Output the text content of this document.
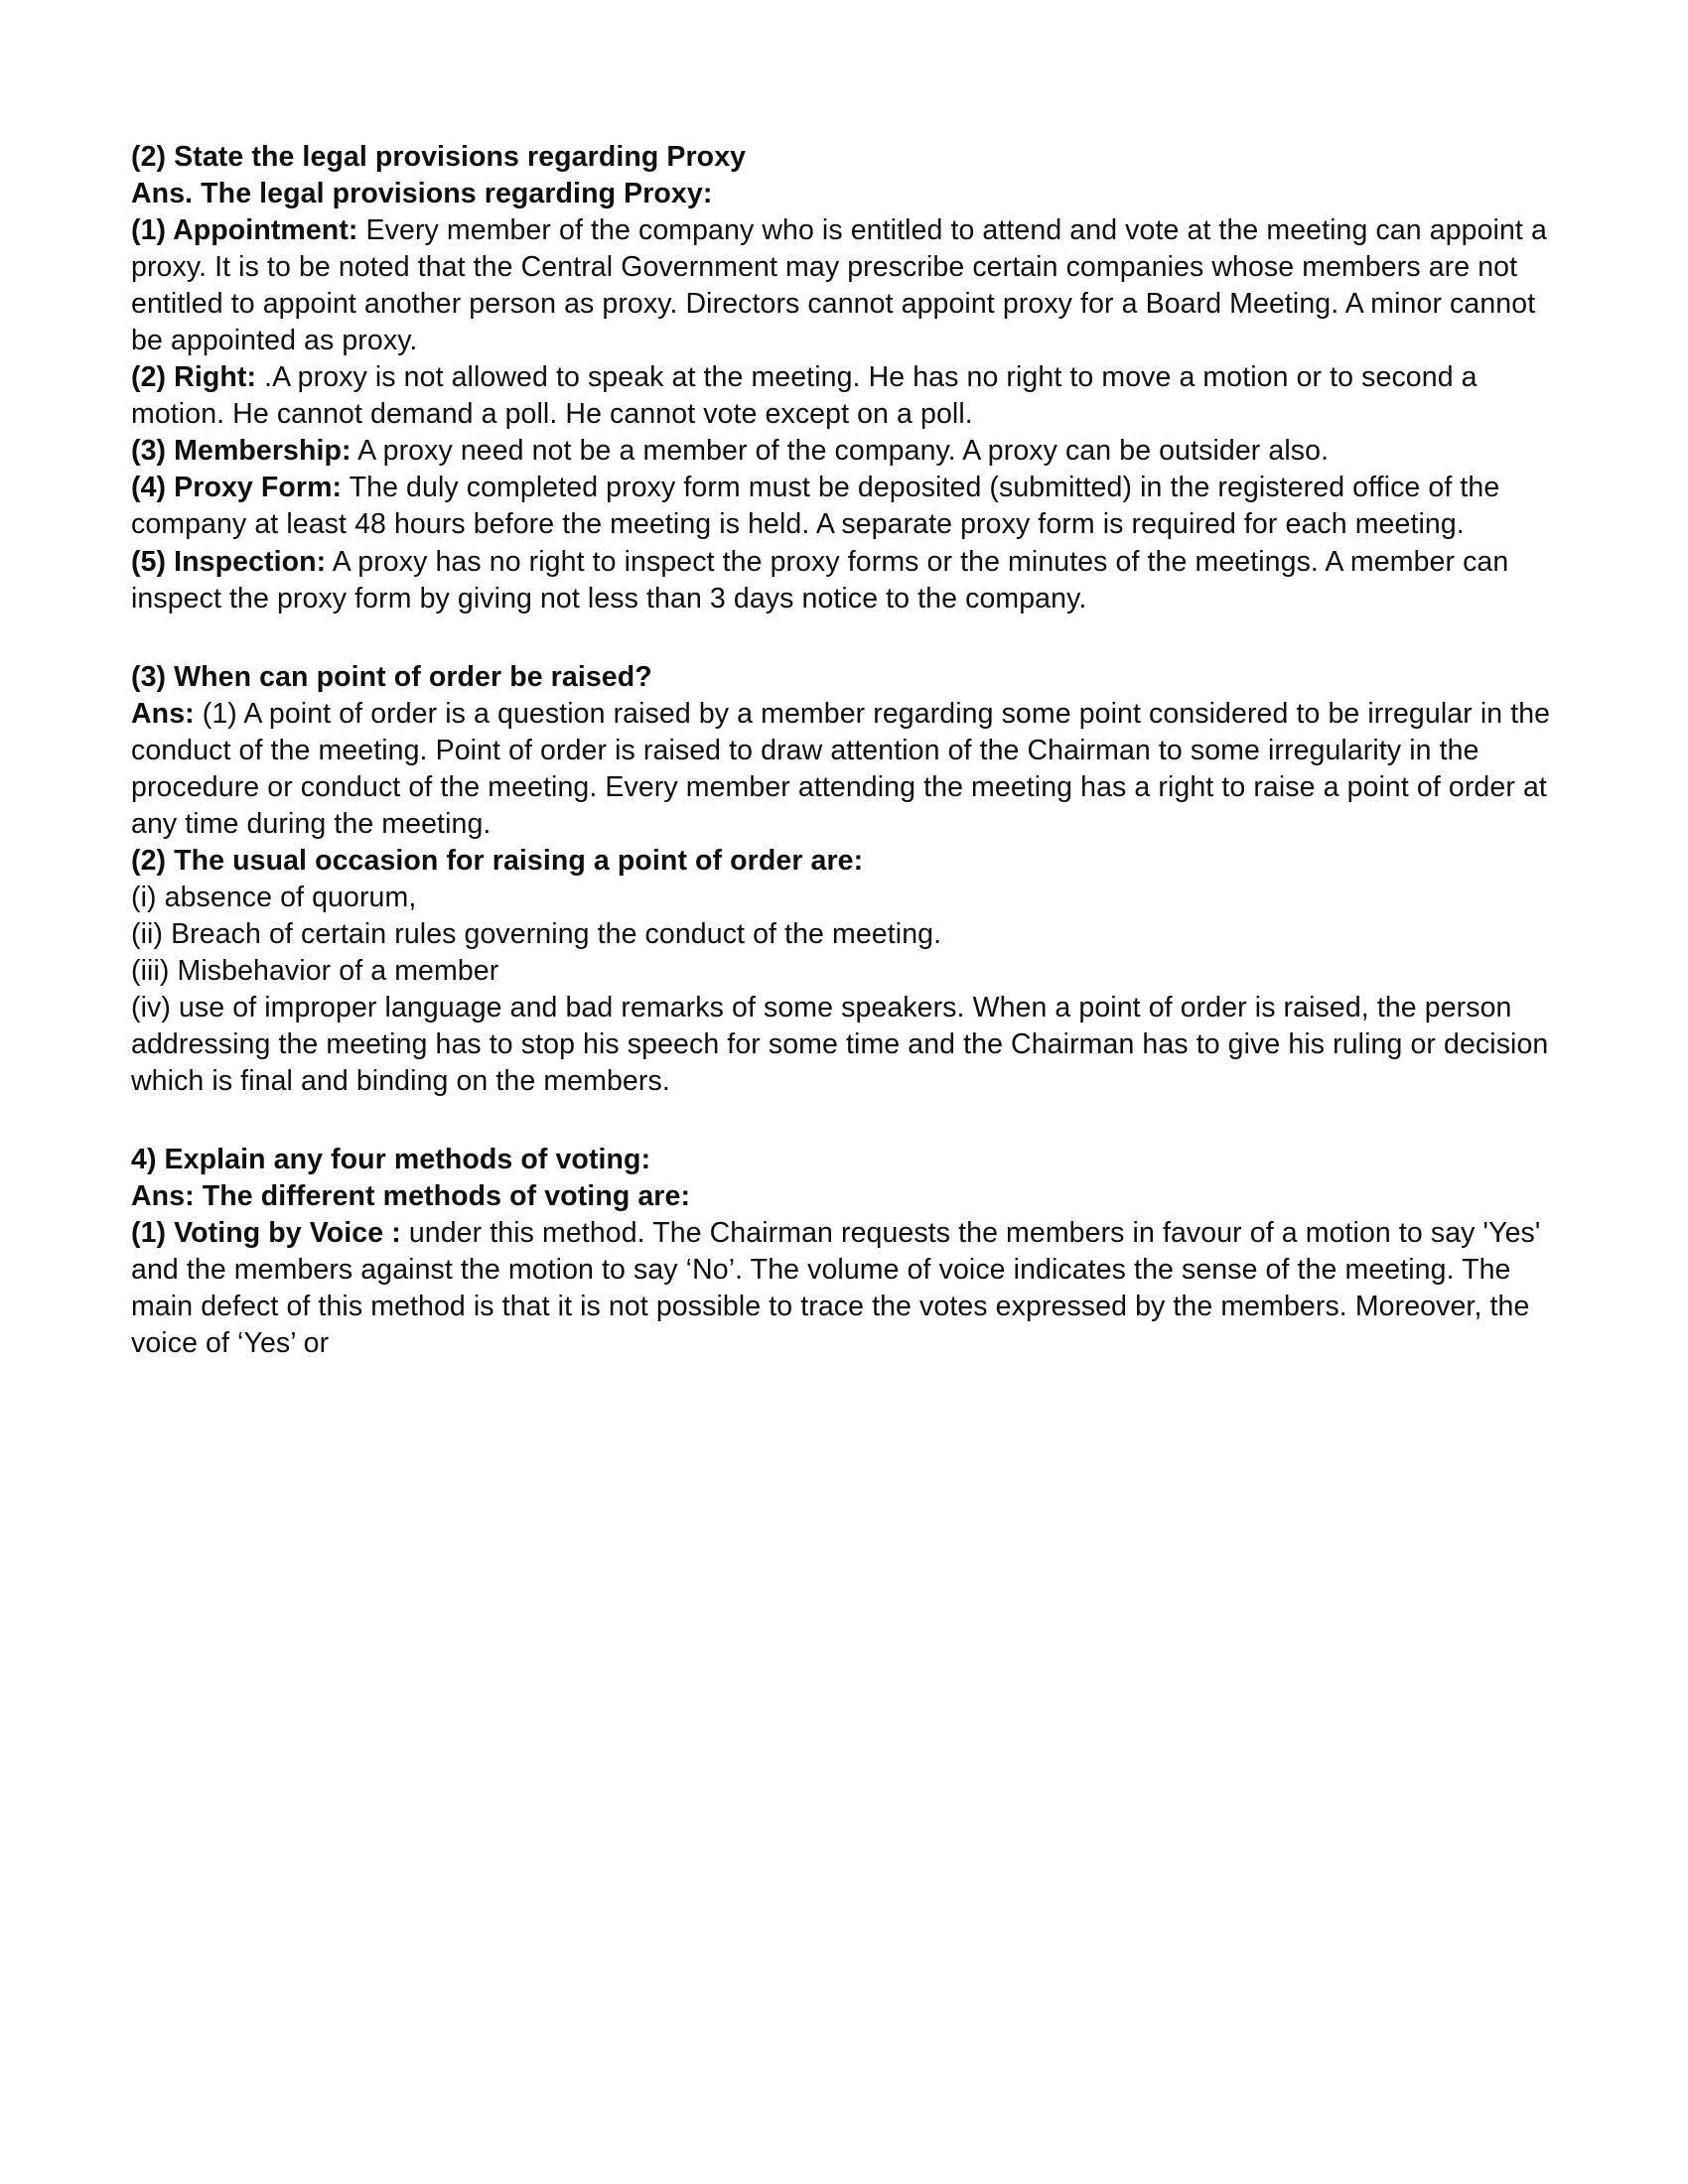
(2) State the legal provisions regarding Proxy

Ans. The legal provisions regarding Proxy:

(1) Appointment: Every member of the company who is entitled to attend and vote at the meeting can appoint a proxy. It is to be noted that the Central Government may prescribe certain companies whose members are not entitled to appoint another person as proxy. Directors cannot appoint proxy for a Board Meeting. A minor cannot be appointed as proxy.

(2) Right: .A proxy is not allowed to speak at the meeting. He has no right to move a motion or to second a motion. He cannot demand a poll. He cannot vote except on a poll.

(3) Membership: A proxy need not be a member of the company. A proxy can be outsider also.

(4) Proxy Form: The duly completed proxy form must be deposited (submitted) in the registered office of the company at least 48 hours before the meeting is held. A separate proxy form is required for each meeting.

(5) Inspection: A proxy has no right to inspect the proxy forms or the minutes of the meetings. A member can inspect the proxy form by giving not less than 3 days notice to the company.

(3) When can point of order be raised?

Ans: (1) A point of order is a question raised by a member regarding some point considered to be irregular in the conduct of the meeting. Point of order is raised to draw attention of the Chairman to some irregularity in the procedure or conduct of the meeting. Every member attending the meeting has a right to raise a point of order at any time during the meeting.

(2) The usual occasion for raising a point of order are:

(i) absence of quorum,

(ii) Breach of certain rules governing the conduct of the meeting.

(iii) Misbehavior of a member

(iv) use of improper language and bad remarks of some speakers. When a point of order is raised, the person addressing the meeting has to stop his speech for some time and the Chairman has to give his ruling or decision which is final and binding on the members.

4) Explain any four methods of voting:

Ans: The different methods of voting are:

(1) Voting by Voice : under this method. The Chairman requests the members in favour of a motion to say 'Yes' and the members against the motion to say ‘No’. The volume of voice indicates the sense of the meeting. The main defect of this method is that it is not possible to trace the votes expressed by the members. Moreover, the voice of ‘Yes’ or
